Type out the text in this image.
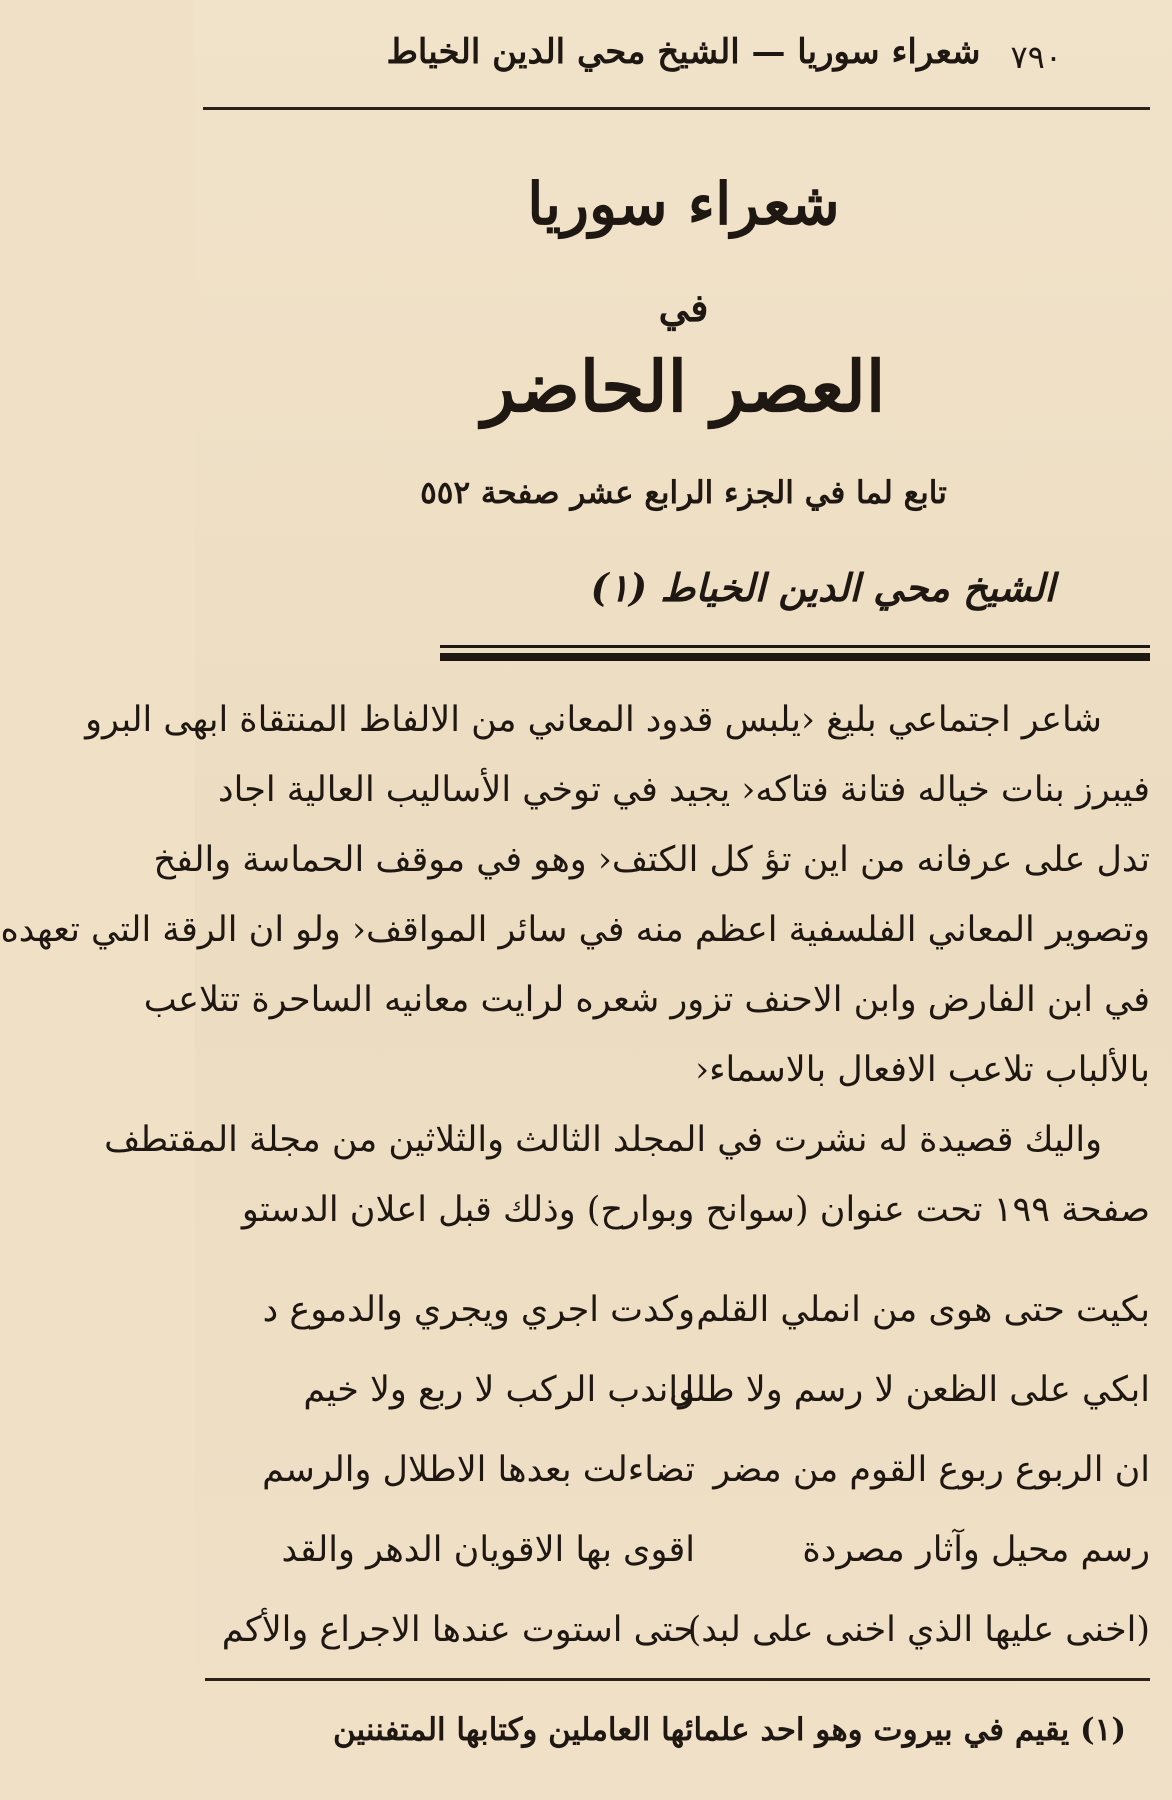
٧٩٠
شعراء سوريا — الشيخ محي الدين الخياط
شعراء سوريا
في
العصر الحاضر
تابع لما في الجزء الرابع عشر صفحة ٥٥٢
الشيخ محي الدين الخياط (١)
شاعر اجتماعي بليغ ‹يلبس قدود المعاني من الالفاظ المنتقاة ابهى البرو
فيبرز بنات خياله فتانة فتاكه‹ يجيد في توخي الأساليب العالية اجاد
تدل على عرفانه من اين تؤ كل الكتف‹ وهو في موقف الحماسة والفخ
وتصوير المعاني الفلسفية اعظم منه في سائر المواقف‹ ولو ان الرقة التي تعهده
في ابن الفارض وابن الاحنف تزور شعره لرايت معانيه الساحرة تتلاعب
بالألباب تلاعب الافعال بالاسماء‹
واليك قصيدة له نشرت في المجلد الثالث والثلاثين من مجلة المقتطف
صفحة ١٩٩ تحت عنوان (سوانح وبوارح) وذلك قبل اعلان الدستو
بكيت حتى هوى من انملي القلم
وكدت اجري ويجري والدموع د
ابكي على الظعن لا رسم ولا طلل
واندب الركب لا ربع ولا خيم
ان الربوع ربوع القوم من مضر
تضاءلت بعدها الاطلال والرسم
رسم محيل وآثار مصردة
اقوى بها الاقويان الدهر والقد
(اخنى عليها الذي اخنى على لبد)
حتى استوت عندها الاجراع والأكم
(١) يقيم في بيروت وهو احد علمائها العاملين وكتابها المتفننين
